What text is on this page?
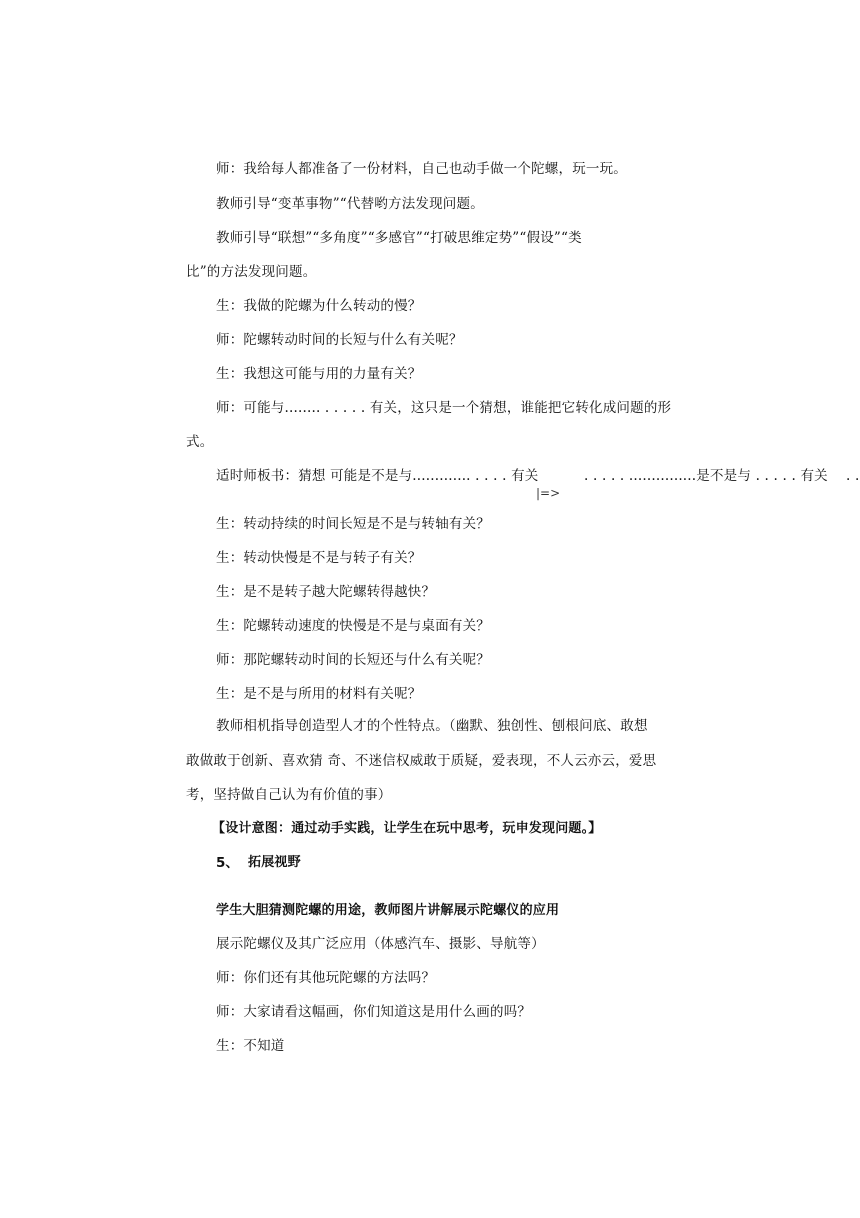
师：我给每人都准备了一份材料，自己也动手做一个陀螺，玩一玩。
教师引导“变革事物”“代替哟方法发现问题。
教师引导“联想”“多角度”“多感官”“打破思维定势”“假设”“类
比”的方法发现问题。
生：我做的陀螺为什么转动的慢？
师：陀螺转动时间的长短与什么有关呢？
生：我想这可能与用的力量有关？
师：可能与........ . . . . . 有关，这只是一个猜想，谁能把它转化成问题的形
式。
适时师板书：猜想 可能是不是与............. . . . . 有关	. . . . . ...............是不是与 . . . . . 有关 . .
|=>
生：转动持续的时间长短是不是与转轴有关？
生：转动快慢是不是与转子有关？
生：是不是转子越大陀螺转得越快？
生：陀螺转动速度的快慢是不是与桌面有关？
师：那陀螺转动时间的长短还与什么有关呢？
生：是不是与所用的材料有关呢？
教师相机指导创造型人才的个性特点。（幽默、独创性、刨根问底、敢想
敢做敢于创新、喜欢猜 奇、不迷信权威敢于质疑，爱表现，不人云亦云，爱思
考，坚持做自己认为有价值的事）
【设计意图：通过动手实践，让学生在玩中思考，玩申发现问题。】
5、 拓展视野
学生大胆猜测陀螺的用途，教师图片讲解展示陀螺仪的应用
展示陀螺仪及其广泛应用（体感汽车、摄影、导航等）
师：你们还有其他玩陀螺的方法吗？
师：大家请看这幅画，你们知道这是用什么画的吗？
生：不知道
